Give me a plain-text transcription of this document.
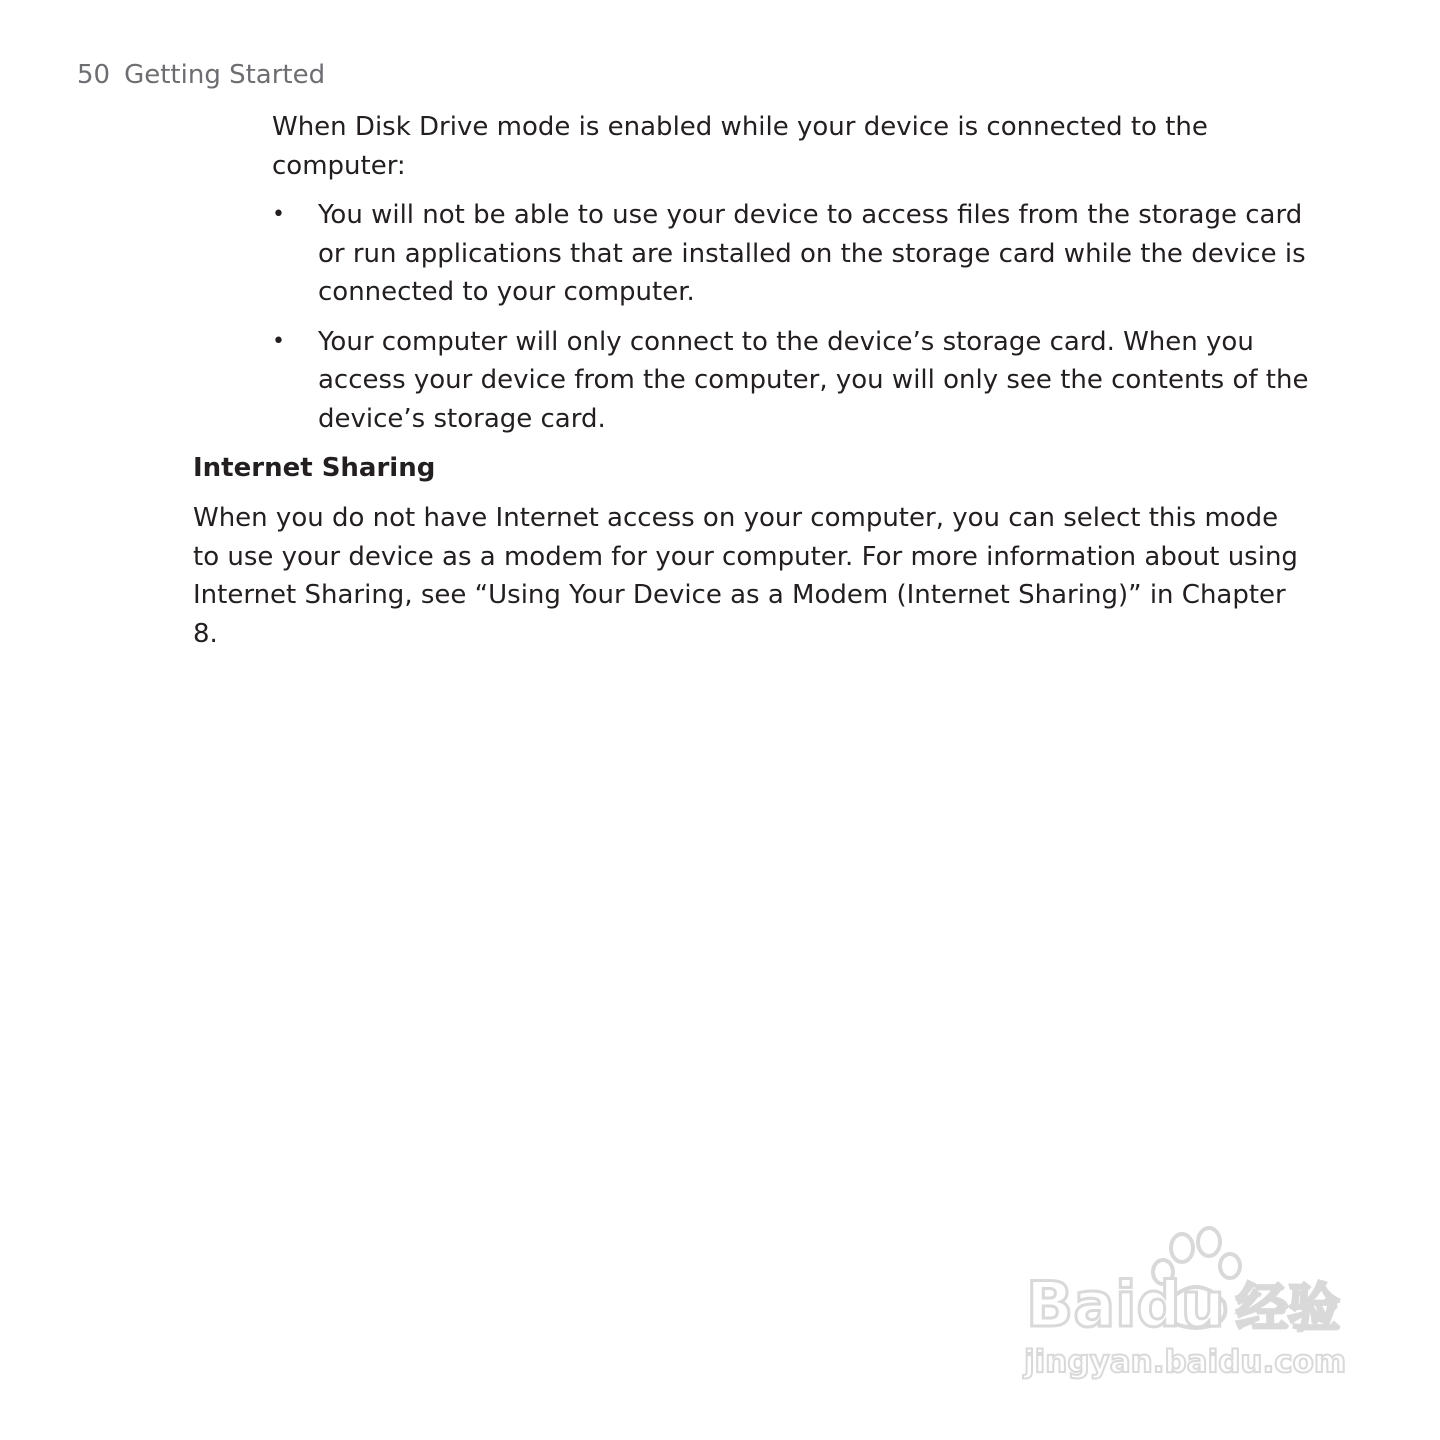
50 Getting Started

When Disk Drive mode is enabled while your device is connected to the computer:

• You will not be able to use your device to access files from the storage card or run applications that are installed on the storage card while the device is connected to your computer.
• Your computer will only connect to the device’s storage card. When you access your device from the computer, you will only see the contents of the device’s storage card.
Internet Sharing

When you do not have Internet access on your computer, you can select this mode to use your device as a modem for your computer. For more information about using Internet Sharing, see “Using Your Device as a Modem (Internet Sharing)” in Chapter 8.

Baidu 经验
jingyan.baidu.com
